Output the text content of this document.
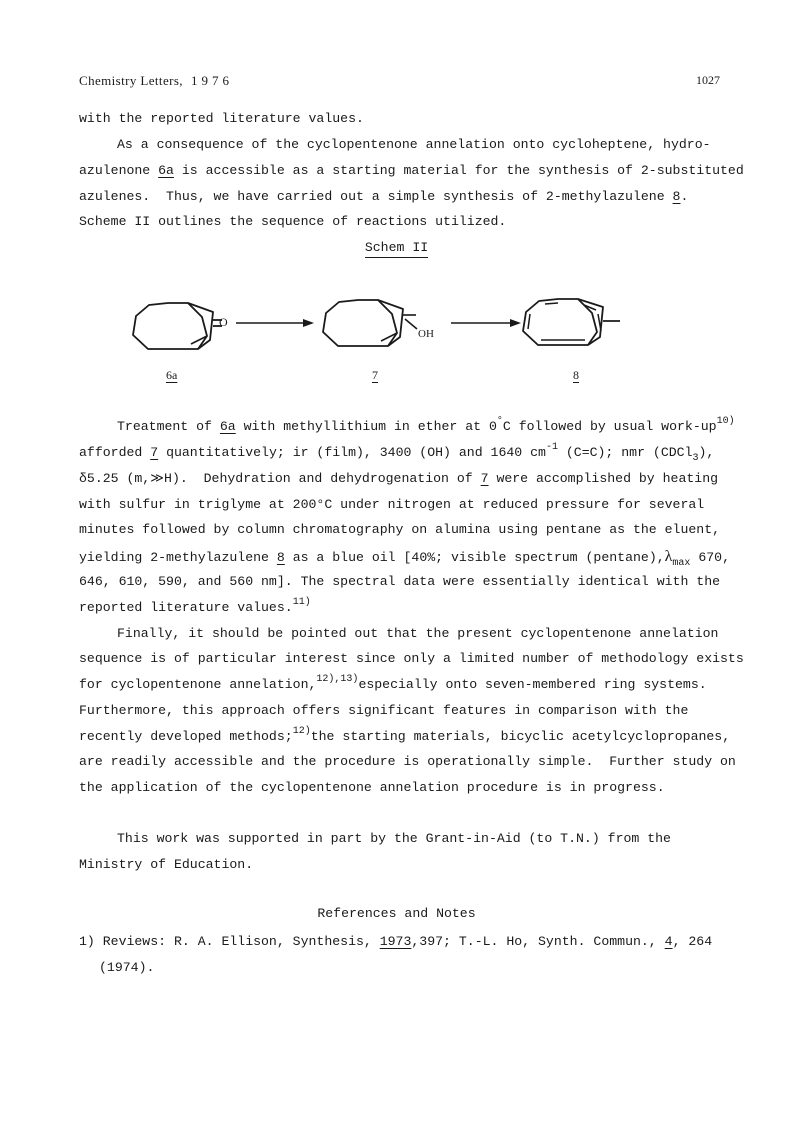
Chemistry Letters, 1976	1027
with the reported literature values.
As a consequence of the cyclopentenone annelation onto cycloheptene, hydro-
azulenone 6a is accessible as a starting material for the synthesis of 2-substituted
azulenes.  Thus, we have carried out a simple synthesis of 2-methylazulene 8.
Scheme II outlines the sequence of reactions utilized.
Schem II
O
OH
6a	7	8
Treatment of 6a with methyllithium in ether at 0°C followed by usual work-$up^{10)}$
afforded 7 quantitatively; ir (film), 3400 (OH) and 1640 $cm^{-1}$ (C=C); nmr (CDCl$_3$),
δ5.25 (m,≫H).  Dehydration and dehydrogenation of 7 were accomplished by heating
with sulfur in triglyme at 200°C under nitrogen at reduced pressure for several
minutes followed by column chromatography on alumina using pentane as the eluent,
yielding 2-methylazulene 8 as a blue oil [40%; visible spectrum $(pentane),\lambda_{max}$ 670,
646, 610, 590, and 560 nm]. The spectral data were essentially identical with the
reported literature values.$^{11)}$
Finally, it should be pointed out that the present cyclopentenone annelation
sequence is of particular interest since only a limited number of methodology exists
for cyclopentenone annelation,$^{12),13)}$especially onto seven-membered ring systems.
Furthermore, this approach offers significant features in comparison with the
recently developed methods;$^{12)}$the starting materials, bicyclic acetylcyclopropanes,
are readily accessible and the procedure is operationally simple.  Further study on
the application of the cyclopentenone annelation procedure is in progress.
This work was supported in part by the Grant-in-Aid (to T.N.) from the
Ministry of Education.
References and Notes
1) Reviews: R. A. Ellison, Synthesis, 1973,397; T.-L. Ho, Synth. Commun., 4, 264
(1974).
